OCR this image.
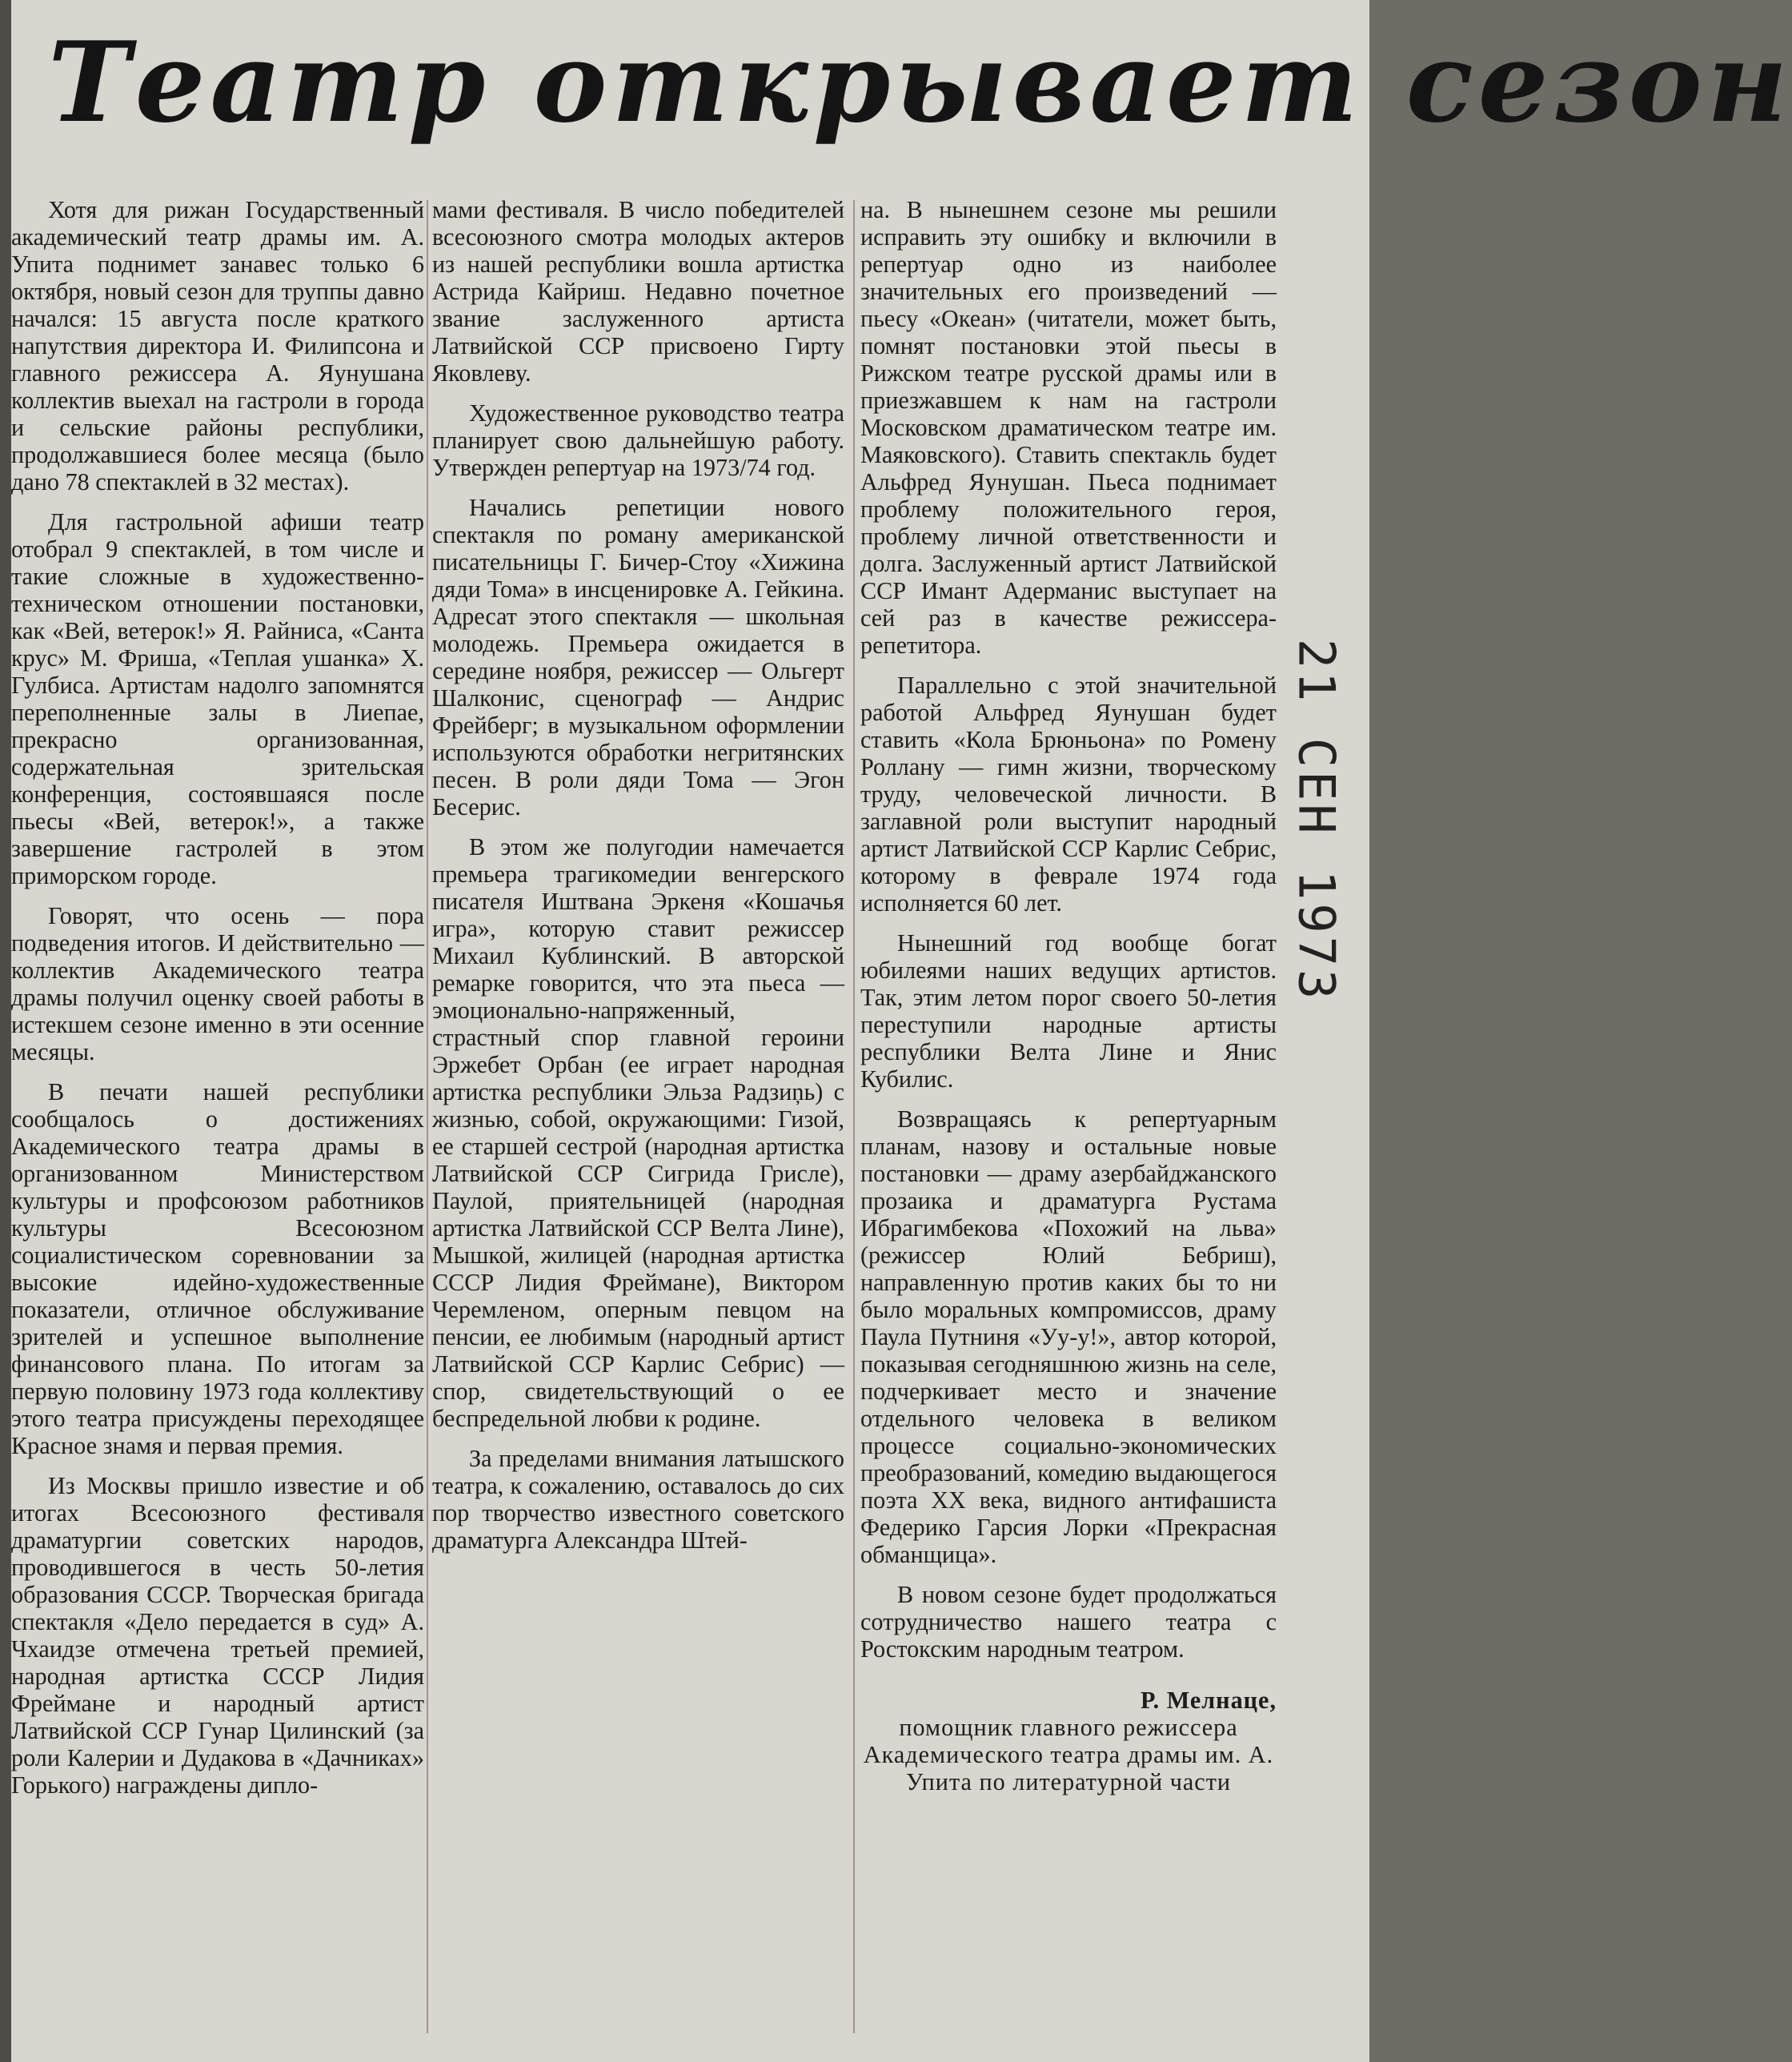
Театр открывает сезон

Хотя для рижан Государственный академический театр драмы им. А. Упита поднимет занавес только 6 октября, новый сезон для труппы давно начался: 15 августа после краткого напутствия директора И. Филипсона и главного режиссера А. Яунушана коллектив выехал на гастроли в города и сельские районы республики, продолжавшиеся более месяца (было дано 78 спектаклей в 32 местах).

Для гастрольной афиши театр отобрал 9 спектаклей, в том числе и такие сложные в художественно-техническом отношении постановки, как «Вей, ветерок!» Я. Райниса, «Санта крус» М. Фриша, «Теплая ушанка» Х. Гулбиса. Артистам надолго запомнятся переполненные залы в Лиепае, прекрасно организованная, содержательная зрительская конференция, состоявшаяся после пьесы «Вей, ветерок!», а также завершение гастролей в этом приморском городе.

Говорят, что осень — пора подведения итогов. И действительно — коллектив Академического театра драмы получил оценку своей работы в истекшем сезоне именно в эти осенние месяцы.

В печати нашей республики сообщалось о достижениях Академического театра драмы в организованном Министерством культуры и профсоюзом работников культуры Всесоюзном социалистическом соревновании за высокие идейно-художественные показатели, отличное обслуживание зрителей и успешное выполнение финансового плана. По итогам за первую половину 1973 года коллективу этого театра присуждены переходящее Красное знамя и первая премия.

Из Москвы пришло известие и об итогах Всесоюзного фестиваля драматургии советских народов, проводившегося в честь 50-летия образования СССР. Творческая бригада спектакля «Дело передается в суд» А. Чхаидзе отмечена третьей премией, народная артистка СССР Лидия Фреймане и народный артист Латвийской ССР Гунар Цилинский (за роли Калерии и Дудакова в «Дачниках» Горького) награждены дипло-

мами фестиваля. В число победителей всесоюзного смотра молодых актеров из нашей республики вошла артистка Астрида Кайриш. Недавно почетное звание заслуженного артиста Латвийской ССР присвоено Гирту Яковлеву.

Художественное руководство театра планирует свою дальнейшую работу. Утвержден репертуар на 1973/74 год.

Начались репетиции нового спектакля по роману американской писательницы Г. Бичер-Стоу «Хижина дяди Тома» в инсценировке А. Гейкина. Адресат этого спектакля — школьная молодежь. Премьера ожидается в середине ноября, режиссер — Ольгерт Шалконис, сценограф — Андрис Фрейберг; в музыкальном оформлении используются обработки негритянских песен. В роли дяди Тома — Эгон Бесерис.

В этом же полугодии намечается премьера трагикомедии венгерского писателя Иштвана Эркеня «Кошачья игра», которую ставит режиссер Михаил Кублинский. В авторской ремарке говорится, что эта пьеса — эмоционально-напряженный, страстный спор главной героини Эржебет Орбан (ее играет народная артистка республики Эльза Радзиņь) с жизнью, собой, окружающими: Гизой, ее старшей сестрой (народная артистка Латвийской ССР Сигрида Грисле), Паулой, приятельницей (народная артистка Латвийской ССР Велта Лине), Мышкой, жилицей (народная артистка СССР Лидия Фреймане), Виктором Черемленом, оперным певцом на пенсии, ее любимым (народный артист Латвийской ССР Карлис Себрис) — спор, свидетельствующий о ее беспредельной любви к родине.

За пределами внимания латышского театра, к сожалению, оставалось до сих пор творчество известного советского драматурга Александра Штей-

на. В нынешнем сезоне мы решили исправить эту ошибку и включили в репертуар одно из наиболее значительных его произведений — пьесу «Океан» (читатели, может быть, помнят постановки этой пьесы в Рижском театре русской драмы или в приезжавшем к нам на гастроли Московском драматическом театре им. Маяковского). Ставить спектакль будет Альфред Яунушан. Пьеса поднимает проблему положительного героя, проблему личной ответственности и долга. Заслуженный артист Латвийской ССР Имант Адерманис выступает на сей раз в качестве режиссера-репетитора.

Параллельно с этой значительной работой Альфред Яунушан будет ставить «Кола Брюньона» по Ромену Роллану — гимн жизни, творческому труду, человеческой личности. В заглавной роли выступит народный артист Латвийской ССР Карлис Себрис, которому в феврале 1974 года исполняется 60 лет.

Нынешний год вообще богат юбилеями наших ведущих артистов. Так, этим летом порог своего 50-летия переступили народные артисты республики Велта Лине и Янис Кубилис.

Возвращаясь к репертуарным планам, назову и остальные новые постановки — драму азербайджанского прозаика и драматурга Рустама Ибрагимбекова «Похожий на льва» (режиссер Юлий Бебриш), направленную против каких бы то ни было моральных компромиссов, драму Паула Путниня «Уу-у!», автор которой, показывая сегодняшнюю жизнь на селе, подчеркивает место и значение отдельного человека в великом процессе социально-экономических преобразований, комедию выдающегося поэта XX века, видного антифашиста Федерико Гарсия Лорки «Прекрасная обманщица».

В новом сезоне будет продолжаться сотрудничество нашего театра с Ростокским народным театром.

Р. Мелнаце,
помощник главного режиссера Академического театра драмы им. А. Упита по литературной части
21 СЕН 1973
